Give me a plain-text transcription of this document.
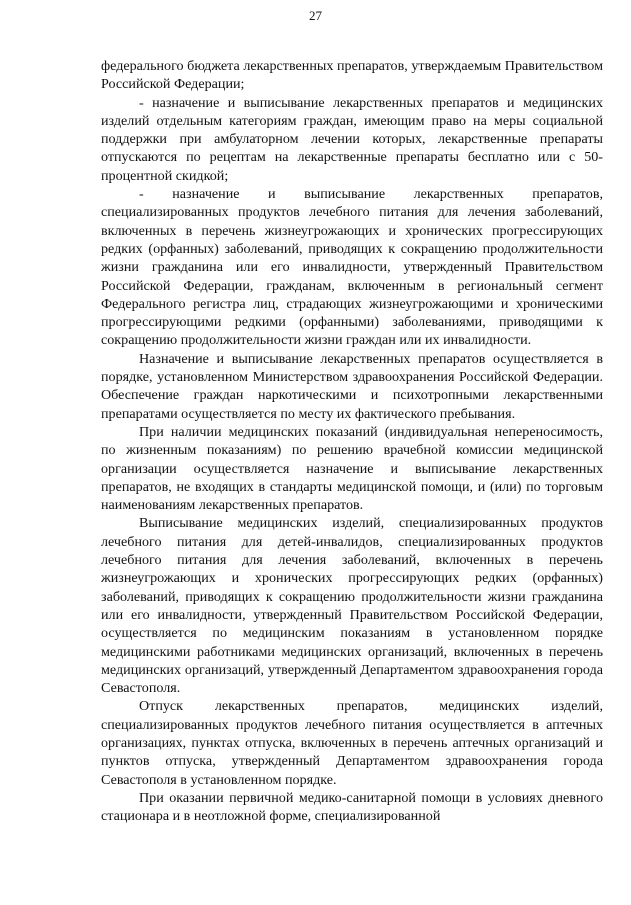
27

федерального бюджета лекарственных препаратов, утверждаемым Правительством Российской Федерации;

- назначение и выписывание лекарственных препаратов и медицинских изделий отдельным категориям граждан, имеющим право на меры социальной поддержки при амбулаторном лечении которых, лекарственные препараты отпускаются по рецептам на лекарственные препараты бесплатно или с 50-процентной скидкой;

- назначение и выписывание лекарственных препаратов, специализированных продуктов лечебного питания для лечения заболеваний, включенных в перечень жизнеугрожающих и хронических прогрессирующих редких (орфанных) заболеваний, приводящих к сокращению продолжительности жизни гражданина или его инвалидности, утвержденный Правительством Российской Федерации, гражданам, включенным в региональный сегмент Федерального регистра лиц, страдающих жизнеугрожающими и хроническими прогрессирующими редкими (орфанными) заболеваниями, приводящими к сокращению продолжительности жизни граждан или их инвалидности.

Назначение и выписывание лекарственных препаратов осуществляется в порядке, установленном Министерством здравоохранения Российской Федерации. Обеспечение граждан наркотическими и психотропными лекарственными препаратами осуществляется по месту их фактического пребывания.

При наличии медицинских показаний (индивидуальная непереносимость, по жизненным показаниям) по решению врачебной комиссии медицинской организации осуществляется назначение и выписывание лекарственных препаратов, не входящих в стандарты медицинской помощи, и (или) по торговым наименованиям лекарственных препаратов.

Выписывание медицинских изделий, специализированных продуктов лечебного питания для детей-инвалидов, специализированных продуктов лечебного питания для лечения заболеваний, включенных в перечень жизнеугрожающих и хронических прогрессирующих редких (орфанных) заболеваний, приводящих к сокращению продолжительности жизни гражданина или его инвалидности, утвержденный Правительством Российской Федерации, осуществляется по медицинским показаниям в установленном порядке медицинскими работниками медицинских организаций, включенных в перечень медицинских организаций, утвержденный Департаментом здравоохранения города Севастополя.

Отпуск лекарственных препаратов, медицинских изделий, специализированных продуктов лечебного питания осуществляется в аптечных организациях, пунктах отпуска, включенных в перечень аптечных организаций и пунктов отпуска, утвержденный Департаментом здравоохранения города Севастополя в установленном порядке.

При оказании первичной медико-санитарной помощи в условиях дневного стационара и в неотложной форме, специализированной
